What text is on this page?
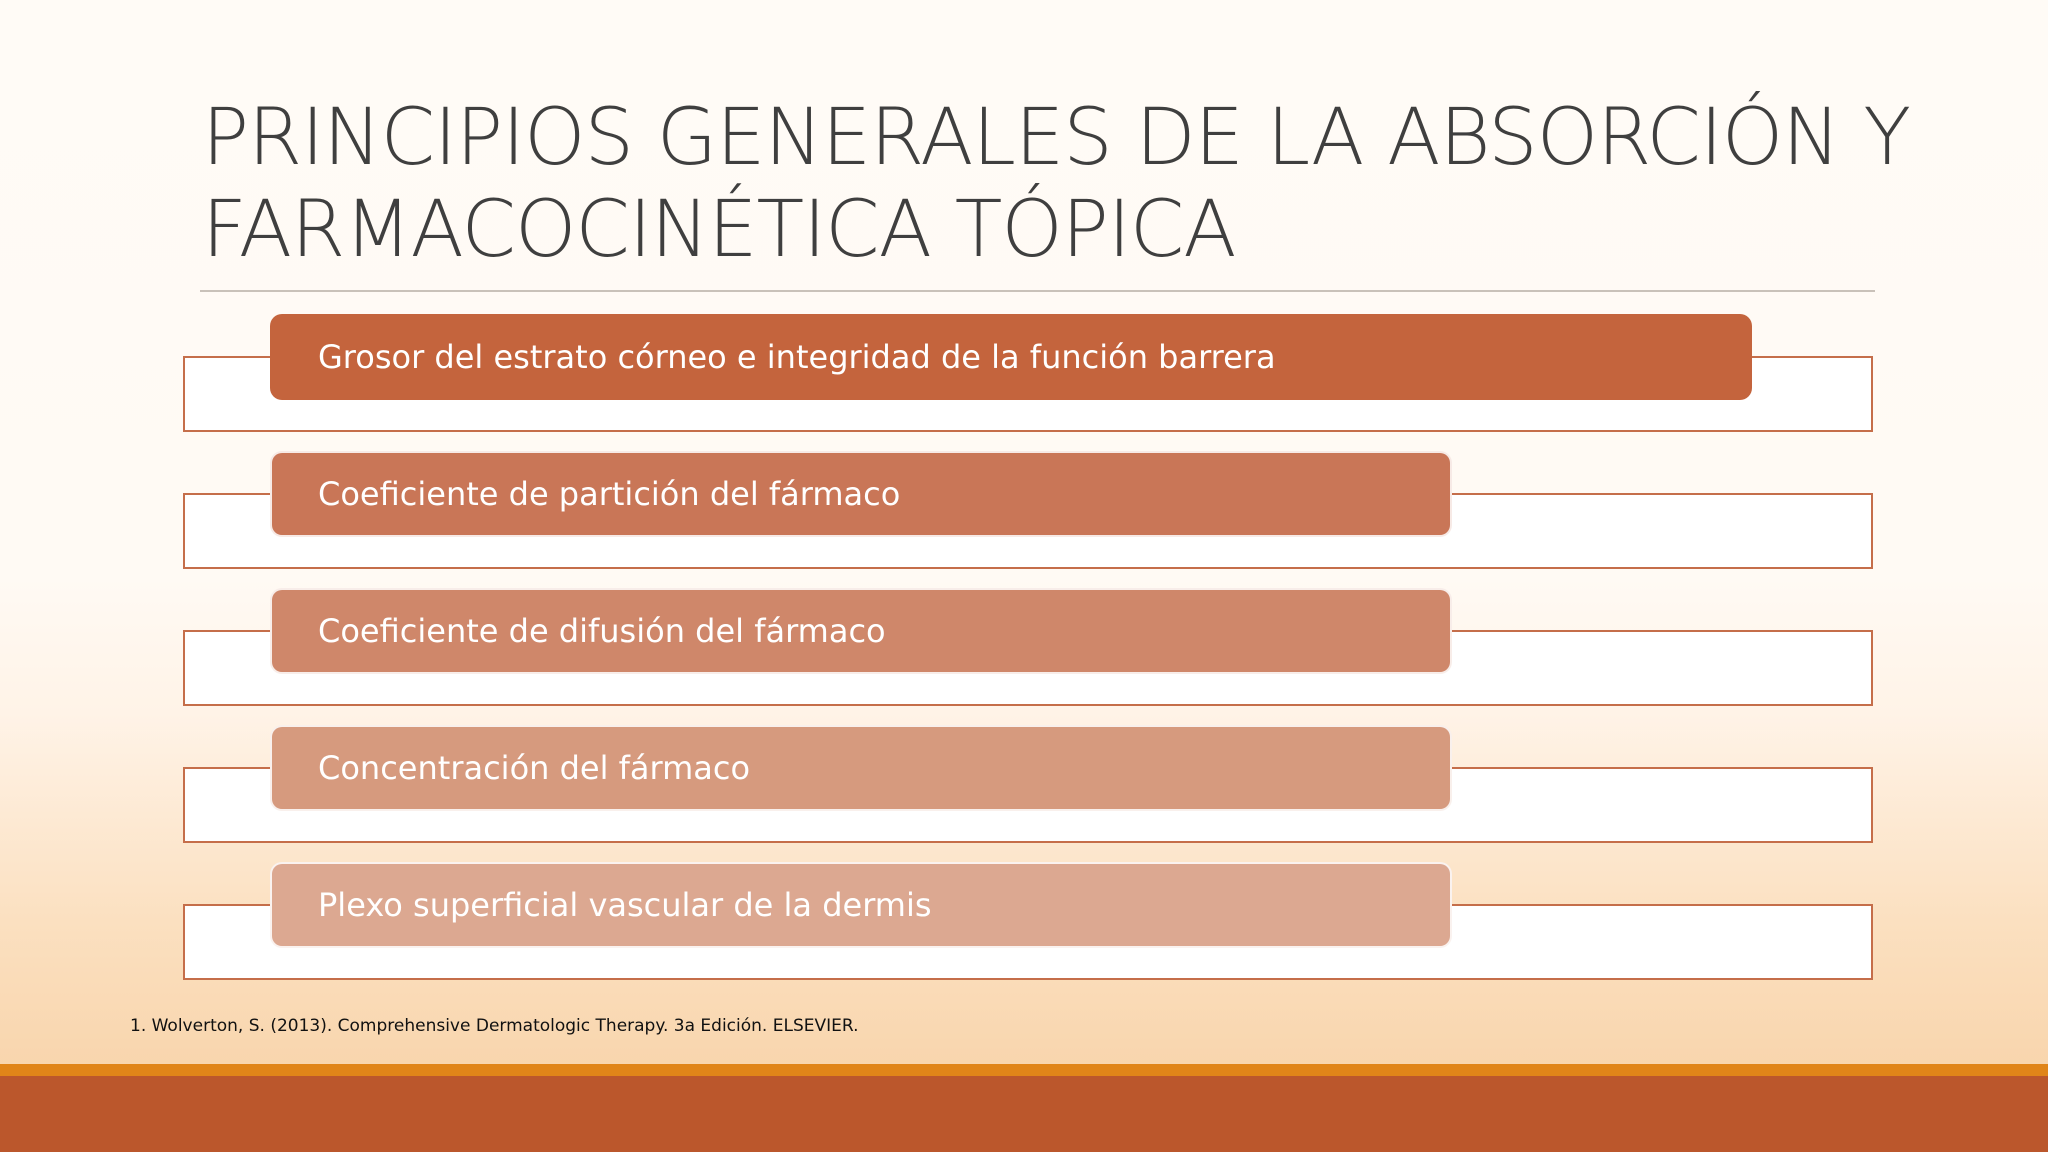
PRINCIPIOS GENERALES DE LA ABSORCIÓN Y
FARMACOCINÉTICA TÓPICA
Grosor del estrato córneo e integridad de la función barrera
Coeficiente de partición del fármaco
Coeficiente de difusión del fármaco
Concentración del fármaco
Plexo superficial vascular de la dermis
1. Wolverton, S. (2013). Comprehensive Dermatologic Therapy. 3a Edición. ELSEVIER.
